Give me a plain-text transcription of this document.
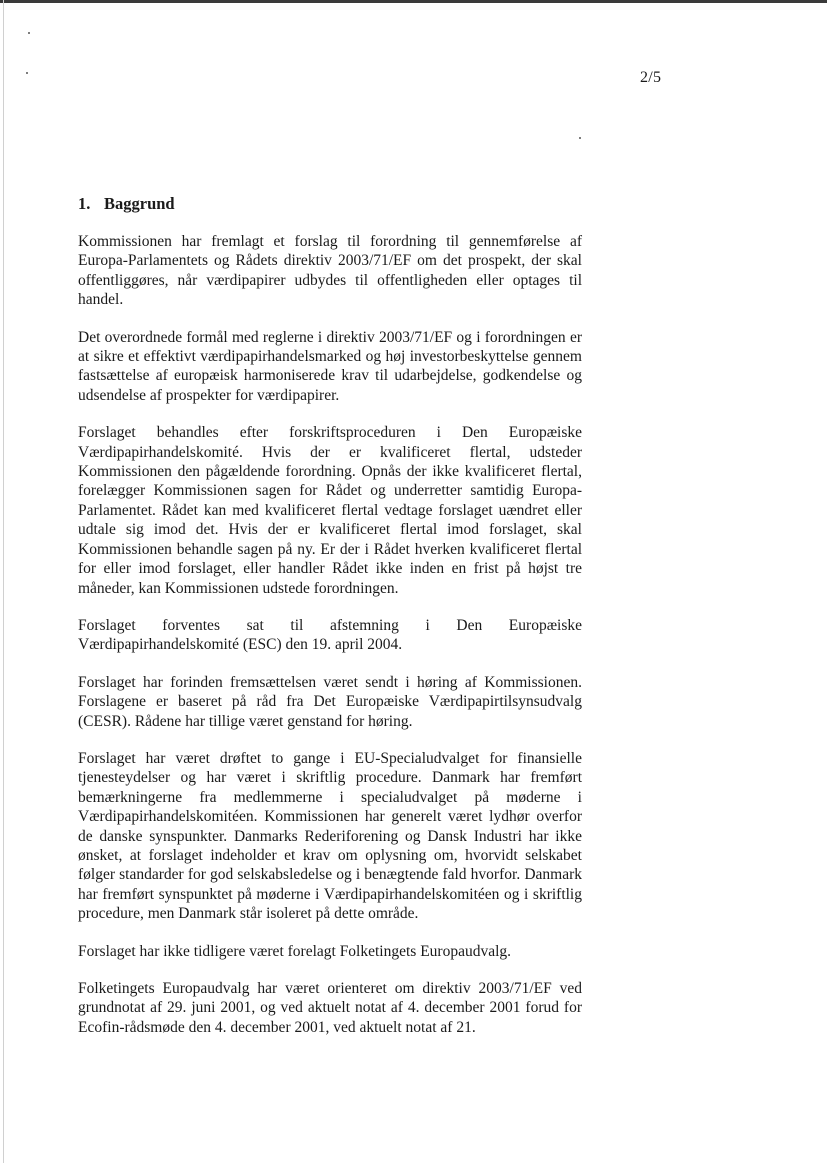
2/5
1. Baggrund

Kommissionen har fremlagt et forslag til forordning til gennemførelse af Europa-Parlamentets og Rådets direktiv 2003/71/EF om det prospekt, der skal offentliggøres, når værdipapirer udbydes til offentligheden eller optages til handel.

Det overordnede formål med reglerne i direktiv 2003/71/EF og i forordningen er at sikre et effektivt værdipapirhandelsmarked og høj investorbeskyttelse gennem fastsættelse af europæisk harmoniserede krav til udarbejdelse, godkendelse og udsendelse af prospekter for værdipapirer.

Forslaget behandles efter forskriftsproceduren i Den Europæiske Værdipapirhandelskomité. Hvis der er kvalificeret flertal, udsteder Kommissionen den pågældende forordning. Opnås der ikke kvalificeret flertal, forelægger Kommissionen sagen for Rådet og underretter samtidig Europa-Parlamentet. Rådet kan med kvalificeret flertal vedtage forslaget uændret eller udtale sig imod det. Hvis der er kvalificeret flertal imod forslaget, skal Kommissionen behandle sagen på ny. Er der i Rådet hverken kvalificeret flertal for eller imod forslaget, eller handler Rådet ikke inden en frist på højst tre måneder, kan Kommissionen udstede forordningen.

Forslaget forventes sat til afstemning i Den Europæiske Værdipapirhandelskomité (ESC) den 19. april 2004.

Forslaget har forinden fremsættelsen været sendt i høring af Kommissionen. Forslagene er baseret på råd fra Det Europæiske Værdipapirtilsynsudvalg (CESR). Rådene har tillige været genstand for høring.

Forslaget har været drøftet to gange i EU-Specialudvalget for finansielle tjenesteydelser og har været i skriftlig procedure. Danmark har fremført bemærkningerne fra medlemmerne i specialudvalget på møderne i Værdipapirhandelskomitéen. Kommissionen har generelt været lydhør overfor de danske synspunkter. Danmarks Rederiforening og Dansk Industri har ikke ønsket, at forslaget indeholder et krav om oplysning om, hvorvidt selskabet følger standarder for god selskabsledelse og i benægtende fald hvorfor. Danmark har fremført synspunktet på møderne i Værdipapirhandelskomitéen og i skriftlig procedure, men Danmark står isoleret på dette område.

Forslaget har ikke tidligere været forelagt Folketingets Europaudvalg.

Folketingets Europaudvalg har været orienteret om direktiv 2003/71/EF ved grundnotat af 29. juni 2001, og ved aktuelt notat af 4. december 2001 forud for Ecofin-rådsmøde den 4. december 2001, ved aktuelt notat af 21.
